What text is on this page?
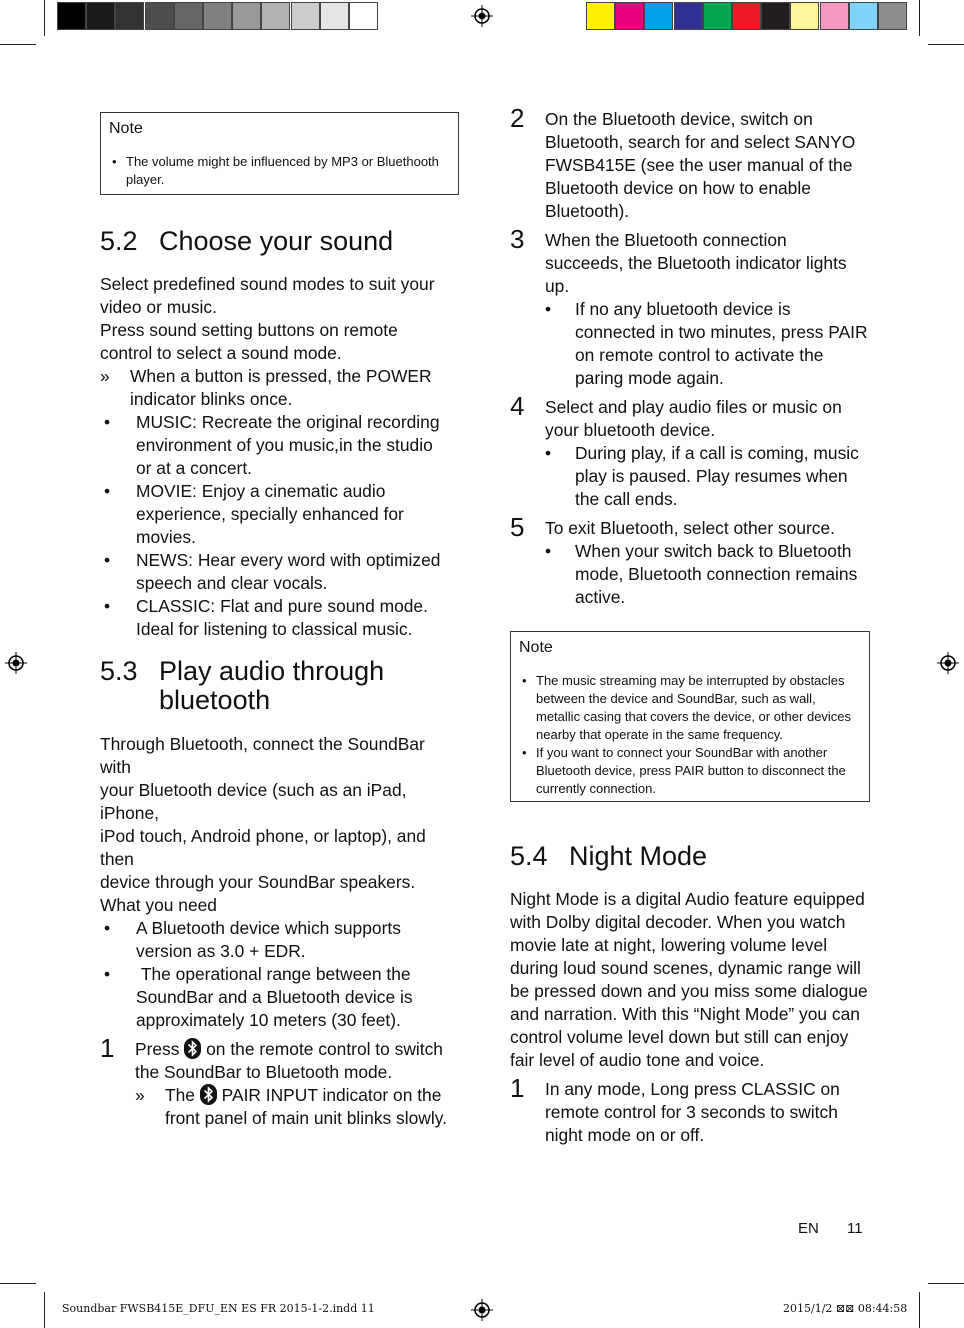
Note
• The volume might be influenced by MP3 or Bluethooth player.
5.2 Choose your sound

Select predefined sound modes to suit your video or music.

Press sound setting buttons on remote control to select a sound mode.

» When a button is pressed, the POWER indicator blinks once.
• MUSIC: Recreate the original recording environment of you music,in the studio or at a concert.
• MOVIE: Enjoy a cinematic audio experience, specially enhanced for movies.
• NEWS: Hear every word with optimized speech and clear vocals.
• CLASSIC: Flat and pure sound mode. Ideal for listening to classical music.
5.3 Play audio through
bluetooth

Through Bluetooth, connect the SoundBar

with

your Bluetooth device (such as an iPad,

iPhone,

iPod touch, Android phone, or laptop), and

then

device through your SoundBar speakers.

What you need

• A Bluetooth device which supports version as 3.0 + EDR.
• The operational range between the SoundBar and a Bluetooth device is approximately 10 meters (30 feet).
1 Press on the remote control to switch the SoundBar to Bluetooth mode.
» The PAIR INPUT indicator on the front panel of main unit blinks slowly.
2 On the Bluetooth device, switch on Bluetooth, search for and select SANYO FWSB415E (see the user manual of the Bluetooth device on how to enable Bluetooth).
3 When the Bluetooth connection succeeds, the Bluetooth indicator lights up.
• If no any bluetooth device is connected in two minutes, press PAIR on remote control to activate the paring mode again.
4 Select and play audio files or music on your bluetooth device.
• During play, if a call is coming, music play is paused. Play resumes when the call ends.
5 To exit Bluetooth, select other source.
• When your switch back to Bluetooth mode, Bluetooth connection remains active.
Note
• The music streaming may be interrupted by obstacles between the device and SoundBar, such as wall, metallic casing that covers the device, or other devices nearby that operate in the same frequency.
• If you want to connect your SoundBar with another Bluetooth device, press PAIR button to disconnect the currently connection.
5.4 Night Mode

Night Mode is a digital Audio feature equipped with Dolby digital decoder. When you watch movie late at night, lowering volume level during loud sound scenes, dynamic range will be pressed down and you miss some dialogue and narration. With this “Night Mode” you can control volume level down but still can enjoy fair level of audio tone and voice.

1 In any mode, Long press CLASSIC on remote control for 3 seconds to switch night mode on or off.
EN 11
Soundbar FWSB415E_DFU_EN ES FR 2015-1-2.indd 11	2015/1/2 ⊠⊠ 08:44:58
